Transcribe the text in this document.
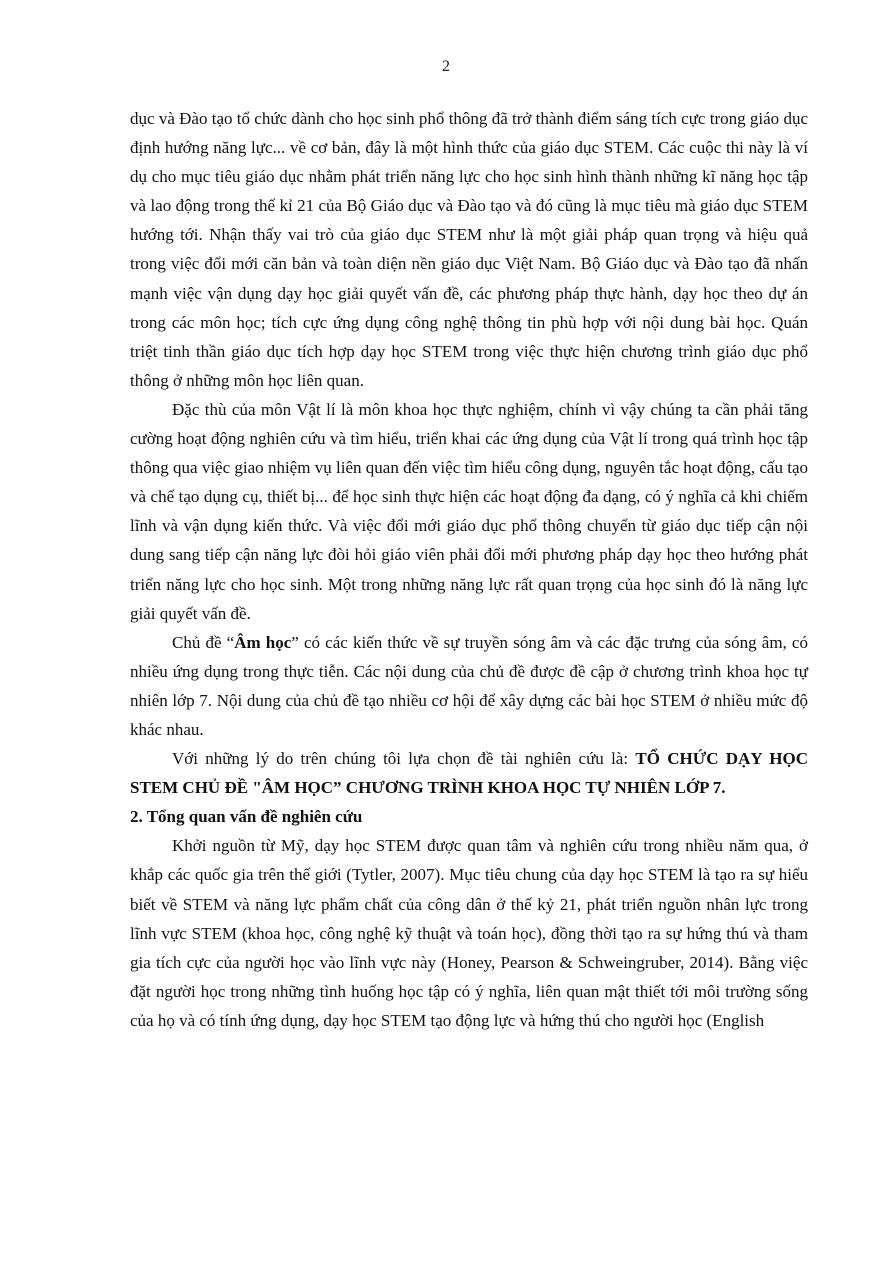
2

dục và Đào tạo tổ chức dành cho học sinh phổ thông đã trở thành điểm sáng tích cực trong giáo dục định hướng năng lực... về cơ bản, đây là một hình thức của giáo dục STEM. Các cuộc thi này là ví dụ cho mục tiêu giáo dục nhằm phát triển năng lực cho học sinh hình thành những kĩ năng học tập và lao động trong thế kỉ 21 của Bộ Giáo dục và Đào tạo và đó cũng là mục tiêu mà giáo dục STEM hướng tới. Nhận thấy vai trò của giáo dục STEM như là một giải pháp quan trọng và hiệu quả trong việc đổi mới căn bản và toàn diện nền giáo dục Việt Nam. Bộ Giáo dục và Đào tạo đã nhấn mạnh việc vận dụng dạy học giải quyết vấn đề, các phương pháp thực hành, dạy học theo dự án trong các môn học; tích cực ứng dụng công nghệ thông tin phù hợp với nội dung bài học. Quán triệt tinh thần giáo dục tích hợp dạy học STEM trong việc thực hiện chương trình giáo dục phổ thông ở những môn học liên quan.

Đặc thù của môn Vật lí là môn khoa học thực nghiệm, chính vì vậy chúng ta cần phải tăng cường hoạt động nghiên cứu và tìm hiểu, triển khai các ứng dụng của Vật lí trong quá trình học tập thông qua việc giao nhiệm vụ liên quan đến việc tìm hiểu công dụng, nguyên tắc hoạt động, cấu tạo và chế tạo dụng cụ, thiết bị... để học sinh thực hiện các hoạt động đa dạng, có ý nghĩa cả khi chiếm lĩnh và vận dụng kiến thức. Và việc đổi mới giáo dục phổ thông chuyển từ giáo dục tiếp cận nội dung sang tiếp cận năng lực đòi hỏi giáo viên phải đổi mới phương pháp dạy học theo hướng phát triển năng lực cho học sinh. Một trong những năng lực rất quan trọng của học sinh đó là năng lực giải quyết vấn đề.

Chủ đề “Âm học” có các kiến thức về sự truyền sóng âm và các đặc trưng của sóng âm, có nhiều ứng dụng trong thực tiễn. Các nội dung của chủ đề được đề cập ở chương trình khoa học tự nhiên lớp 7. Nội dung của chủ đề tạo nhiều cơ hội để xây dựng các bài học STEM ở nhiều mức độ khác nhau.

Với những lý do trên chúng tôi lựa chọn đề tài nghiên cứu là: TỔ CHỨC DẠY HỌC STEM CHỦ ĐỀ "ÂM HỌC” CHƯƠNG TRÌNH KHOA HỌC TỰ NHIÊN LỚP 7.

2. Tổng quan vấn đề nghiên cứu

Khởi nguồn từ Mỹ, dạy học STEM được quan tâm và nghiên cứu trong nhiều năm qua, ở khắp các quốc gia trên thế giới (Tytler, 2007). Mục tiêu chung của dạy học STEM là tạo ra sự hiểu biết về STEM và năng lực phẩm chất của công dân ở thế kỷ 21, phát triển nguồn nhân lực trong lĩnh vực STEM (khoa học, công nghệ kỹ thuật và toán học), đồng thời tạo ra sự hứng thú và tham gia tích cực của người học vào lĩnh vực này (Honey, Pearson & Schweingruber, 2014). Bằng việc đặt người học trong những tình huống học tập có ý nghĩa, liên quan mật thiết tới môi trường sống của họ và có tính ứng dụng, dạy học STEM tạo động lực và hứng thú cho người học (English
